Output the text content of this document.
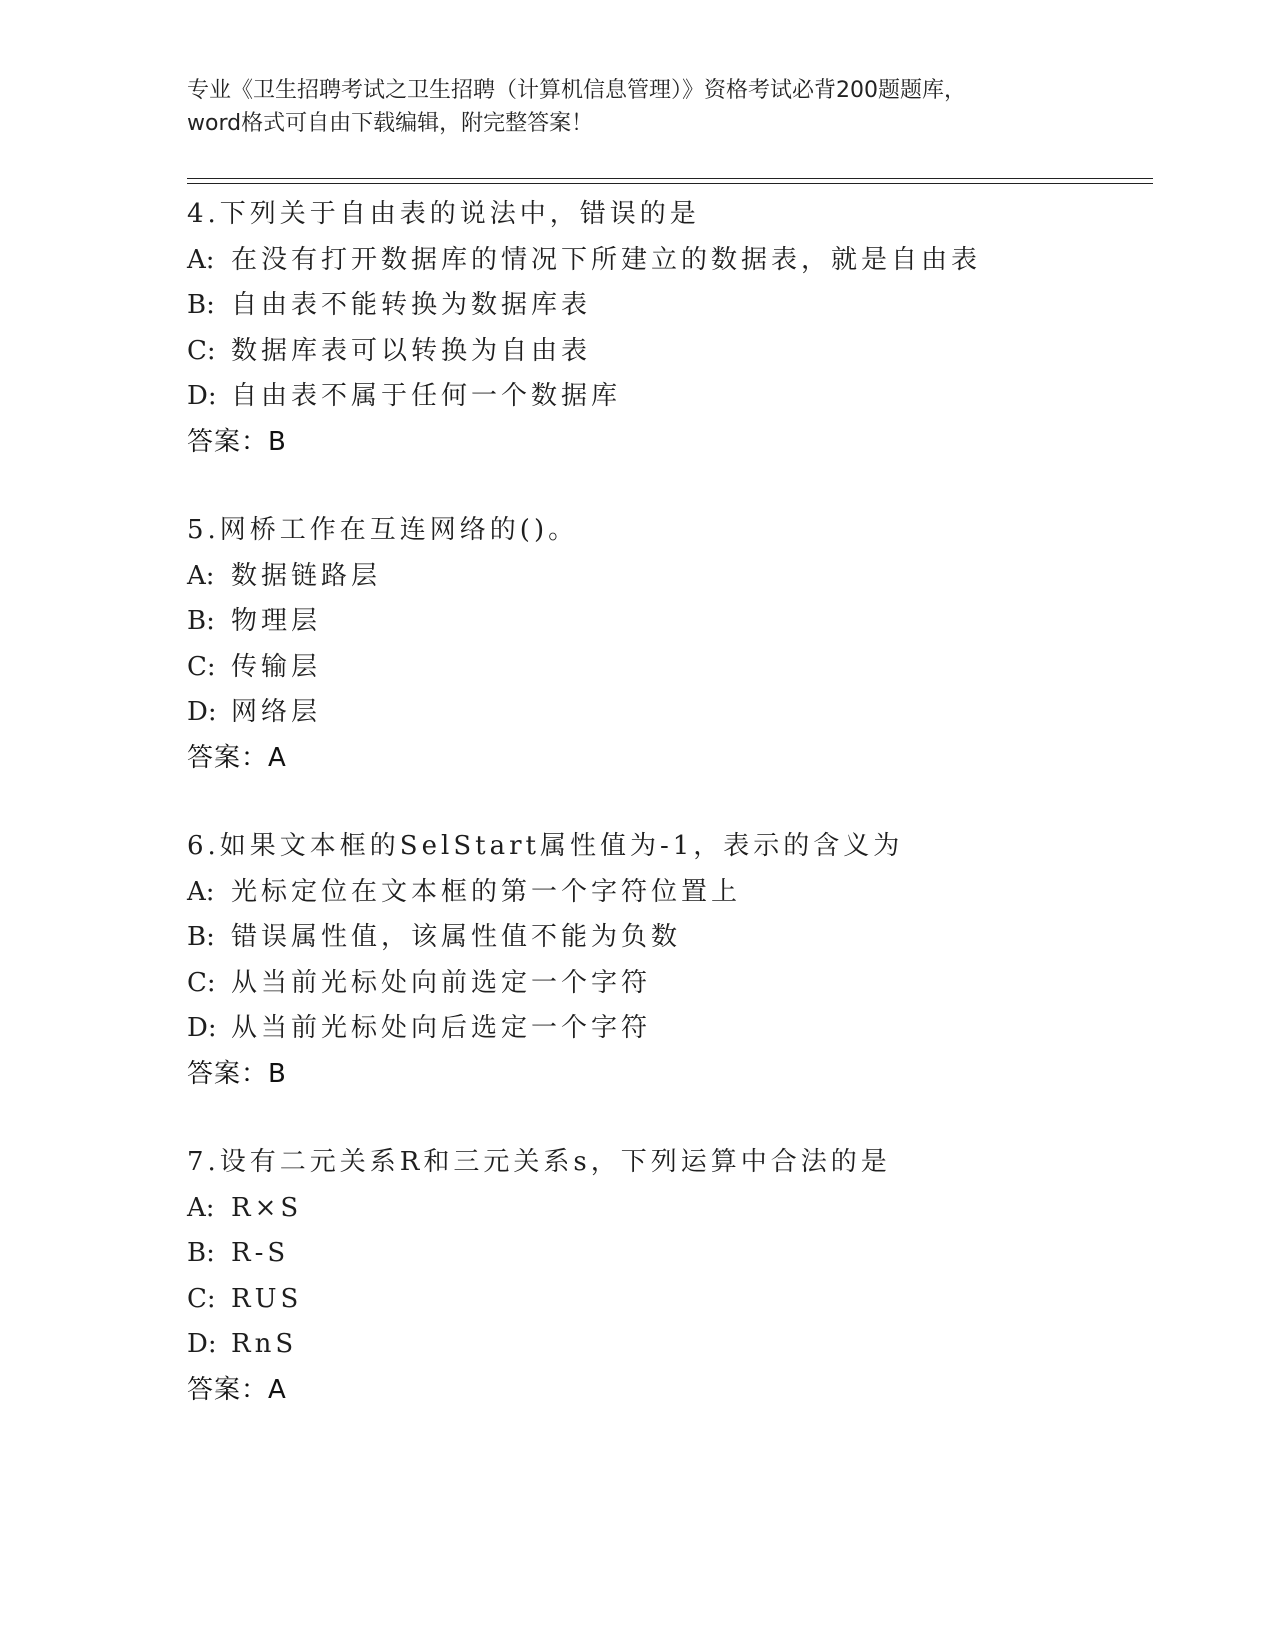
专业《卫生招聘考试之卫生招聘（计算机信息管理）》资格考试必背200题题库，
word格式可自由下载编辑，附完整答案！
4.下列关于自由表的说法中，错误的是
A: 在没有打开数据库的情况下所建立的数据表，就是自由表
B: 自由表不能转换为数据库表
C: 数据库表可以转换为自由表
D: 自由表不属于任何一个数据库
答案：B
5.网桥工作在互连网络的()。
A: 数据链路层
B: 物理层
C: 传输层
D: 网络层
答案：A
6.如果文本框的SelStart属性值为-1，表示的含义为
A: 光标定位在文本框的第一个字符位置上
B: 错误属性值，该属性值不能为负数
C: 从当前光标处向前选定一个字符
D: 从当前光标处向后选定一个字符
答案：B
7.设有二元关系R和三元关系s，下列运算中合法的是
A: R×S
B: R-S
C: RUS
D: RnS
答案：A
